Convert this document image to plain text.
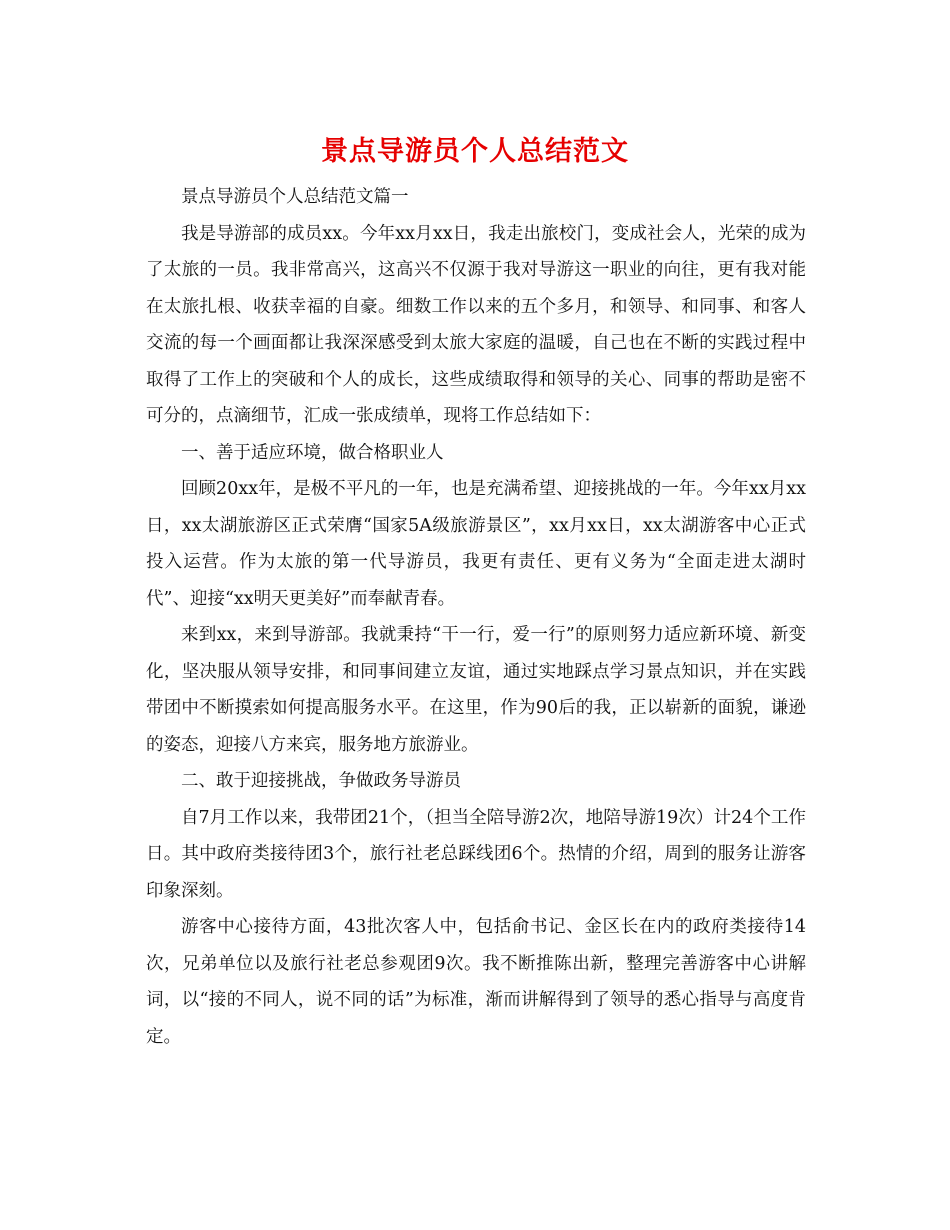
景点导游员个人总结范文

景点导游员个人总结范文篇一

我是导游部的成员xx。今年xx月xx日，我走出旅校门，变成社会人，光荣的成为了太旅的一员。我非常高兴，这高兴不仅源于我对导游这一职业的向往，更有我对能在太旅扎根、收获幸福的自豪。细数工作以来的五个多月，和领导、和同事、和客人交流的每一个画面都让我深深感受到太旅大家庭的温暖，自己也在不断的实践过程中取得了工作上的突破和个人的成长，这些成绩取得和领导的关心、同事的帮助是密不可分的，点滴细节，汇成一张成绩单，现将工作总结如下：

一、善于适应环境，做合格职业人

回顾20xx年，是极不平凡的一年，也是充满希望、迎接挑战的一年。今年xx月xx日，xx太湖旅游区正式荣膺“国家5A级旅游景区”，xx月xx日，xx太湖游客中心正式投入运营。作为太旅的第一代导游员，我更有责任、更有义务为“全面走进太湖时代”、迎接“xx明天更美好”而奉献青春。

来到xx，来到导游部。我就秉持“干一行，爱一行”的原则努力适应新环境、新变化，坚决服从领导安排，和同事间建立友谊，通过实地踩点学习景点知识，并在实践带团中不断摸索如何提高服务水平。在这里，作为90后的我，正以崭新的面貌，谦逊的姿态，迎接八方来宾，服务地方旅游业。

二、敢于迎接挑战，争做政务导游员

自7月工作以来，我带团21个，（担当全陪导游2次，地陪导游19次）计24个工作日。其中政府类接待团3个，旅行社老总踩线团6个。热情的介绍，周到的服务让游客印象深刻。

游客中心接待方面，43批次客人中，包括俞书记、金区长在内的政府类接待14次，兄弟单位以及旅行社老总参观团9次。我不断推陈出新，整理完善游客中心讲解词，以“接的不同人，说不同的话”为标准，渐而讲解得到了领导的悉心指导与高度肯定。
